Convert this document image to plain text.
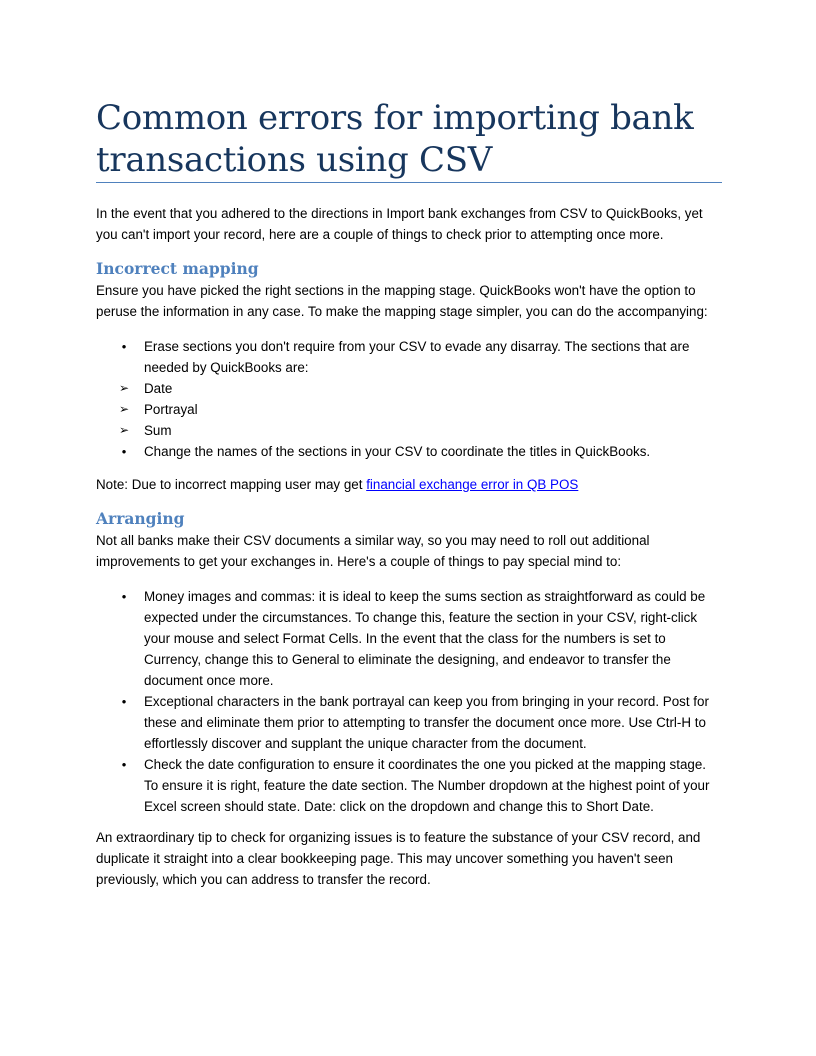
Common errors for importing bank transactions using CSV

In the event that you adhered to the directions in Import bank exchanges from CSV to QuickBooks, yet you can't import your record, here are a couple of things to check prior to attempting once more.

Incorrect mapping

Ensure you have picked the right sections in the mapping stage. QuickBooks won't have the option to peruse the information in any case. To make the mapping stage simpler, you can do the accompanying:

•	Erase sections you don't require from your CSV to evade any disarray. The sections that are needed by QuickBooks are:
➢ Date
➢ Portrayal
➢ Sum
•	Change the names of the sections in your CSV to coordinate the titles in QuickBooks.

Note: Due to incorrect mapping user may get financial exchange error in QB POS

Arranging

Not all banks make their CSV documents a similar way, so you may need to roll out additional improvements to get your exchanges in. Here's a couple of things to pay special mind to:

•	Money images and commas: it is ideal to keep the sums section as straightforward as could be expected under the circumstances. To change this, feature the section in your CSV, right-click your mouse and select Format Cells. In the event that the class for the numbers is set to Currency, change this to General to eliminate the designing, and endeavor to transfer the document once more.
•	Exceptional characters in the bank portrayal can keep you from bringing in your record. Post for these and eliminate them prior to attempting to transfer the document once more. Use Ctrl-H to effortlessly discover and supplant the unique character from the document.
•	Check the date configuration to ensure it coordinates the one you picked at the mapping stage. To ensure it is right, feature the date section. The Number dropdown at the highest point of your Excel screen should state. Date: click on the dropdown and change this to Short Date.

An extraordinary tip to check for organizing issues is to feature the substance of your CSV record, and duplicate it straight into a clear bookkeeping page. This may uncover something you haven't seen previously, which you can address to transfer the record.
